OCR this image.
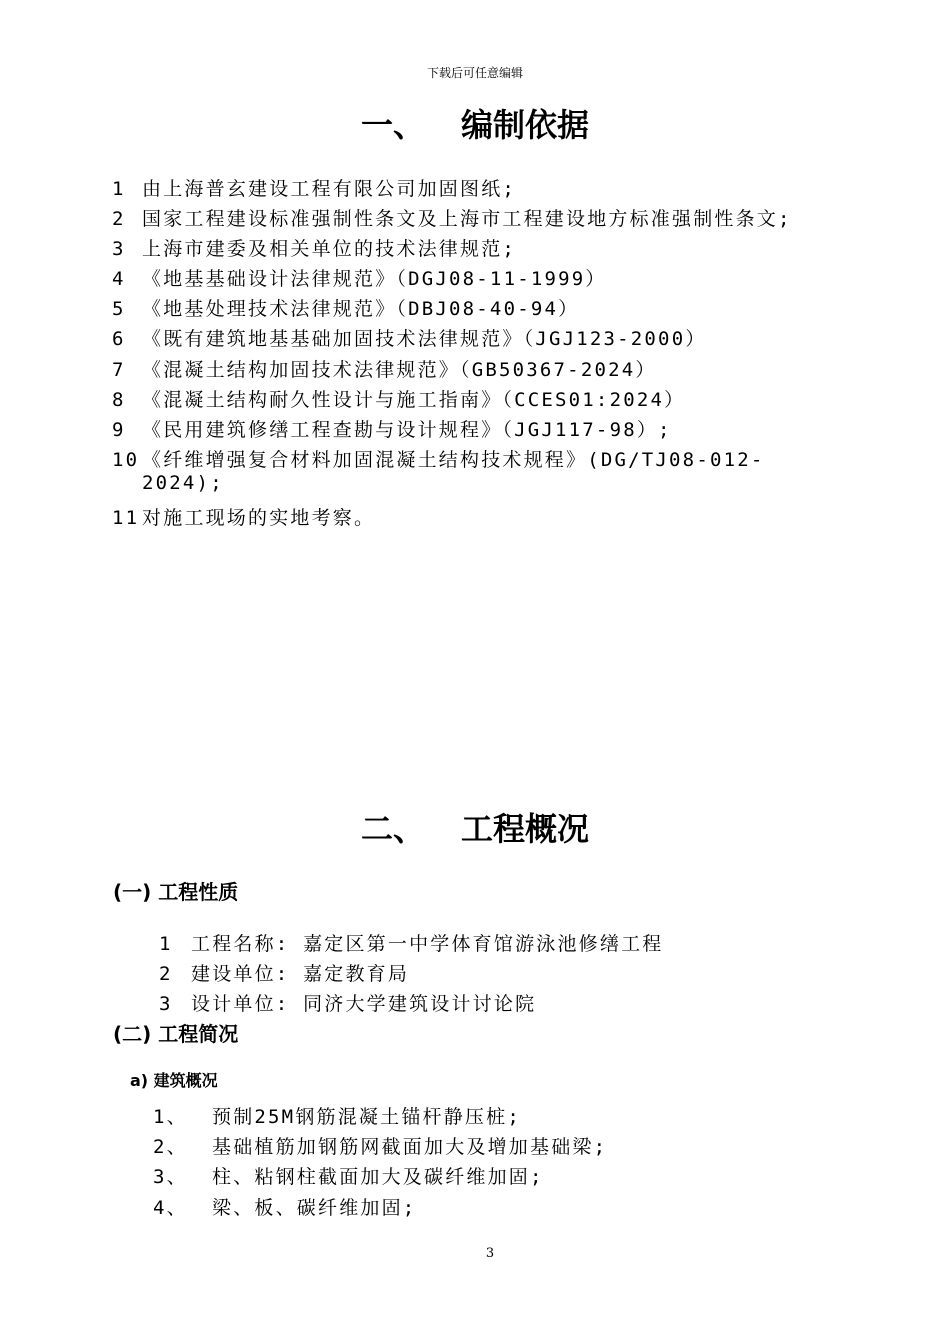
下载后可任意编辑
一、 编制依据
1 由上海普玄建设工程有限公司加固图纸;
2 国家工程建设标准强制性条文及上海市工程建设地方标准强制性条文;
3 上海市建委及相关单位的技术法律规范;
4 《地基基础设计法律规范》（DGJ08-11-1999）
5 《地基处理技术法律规范》（DBJ08-40-94）
6 《既有建筑地基基础加固技术法律规范》（JGJ123-2000）
7 《混凝土结构加固技术法律规范》（GB50367-2024）
8 《混凝土结构耐久性设计与施工指南》（CCES01:2024）
9 《民用建筑修缮工程查勘与设计规程》（JGJ117-98）;
10 《纤维增强复合材料加固混凝土结构技术规程》(DG/TJ08-012-
2024);
11 对施工现场的实地考察。
二、 工程概况
(一) 工程性质
1 工程名称: 嘉定区第一中学体育馆游泳池修缮工程
2 建设单位: 嘉定教育局
3 设计单位: 同济大学建筑设计讨论院
(二) 工程简况
a) 建筑概况
1、 预制25M钢筋混凝土锚杆静压桩;
2、 基础植筋加钢筋网截面加大及增加基础梁;
3、 柱、粘钢柱截面加大及碳纤维加固;
4、 梁、板、碳纤维加固;
3
